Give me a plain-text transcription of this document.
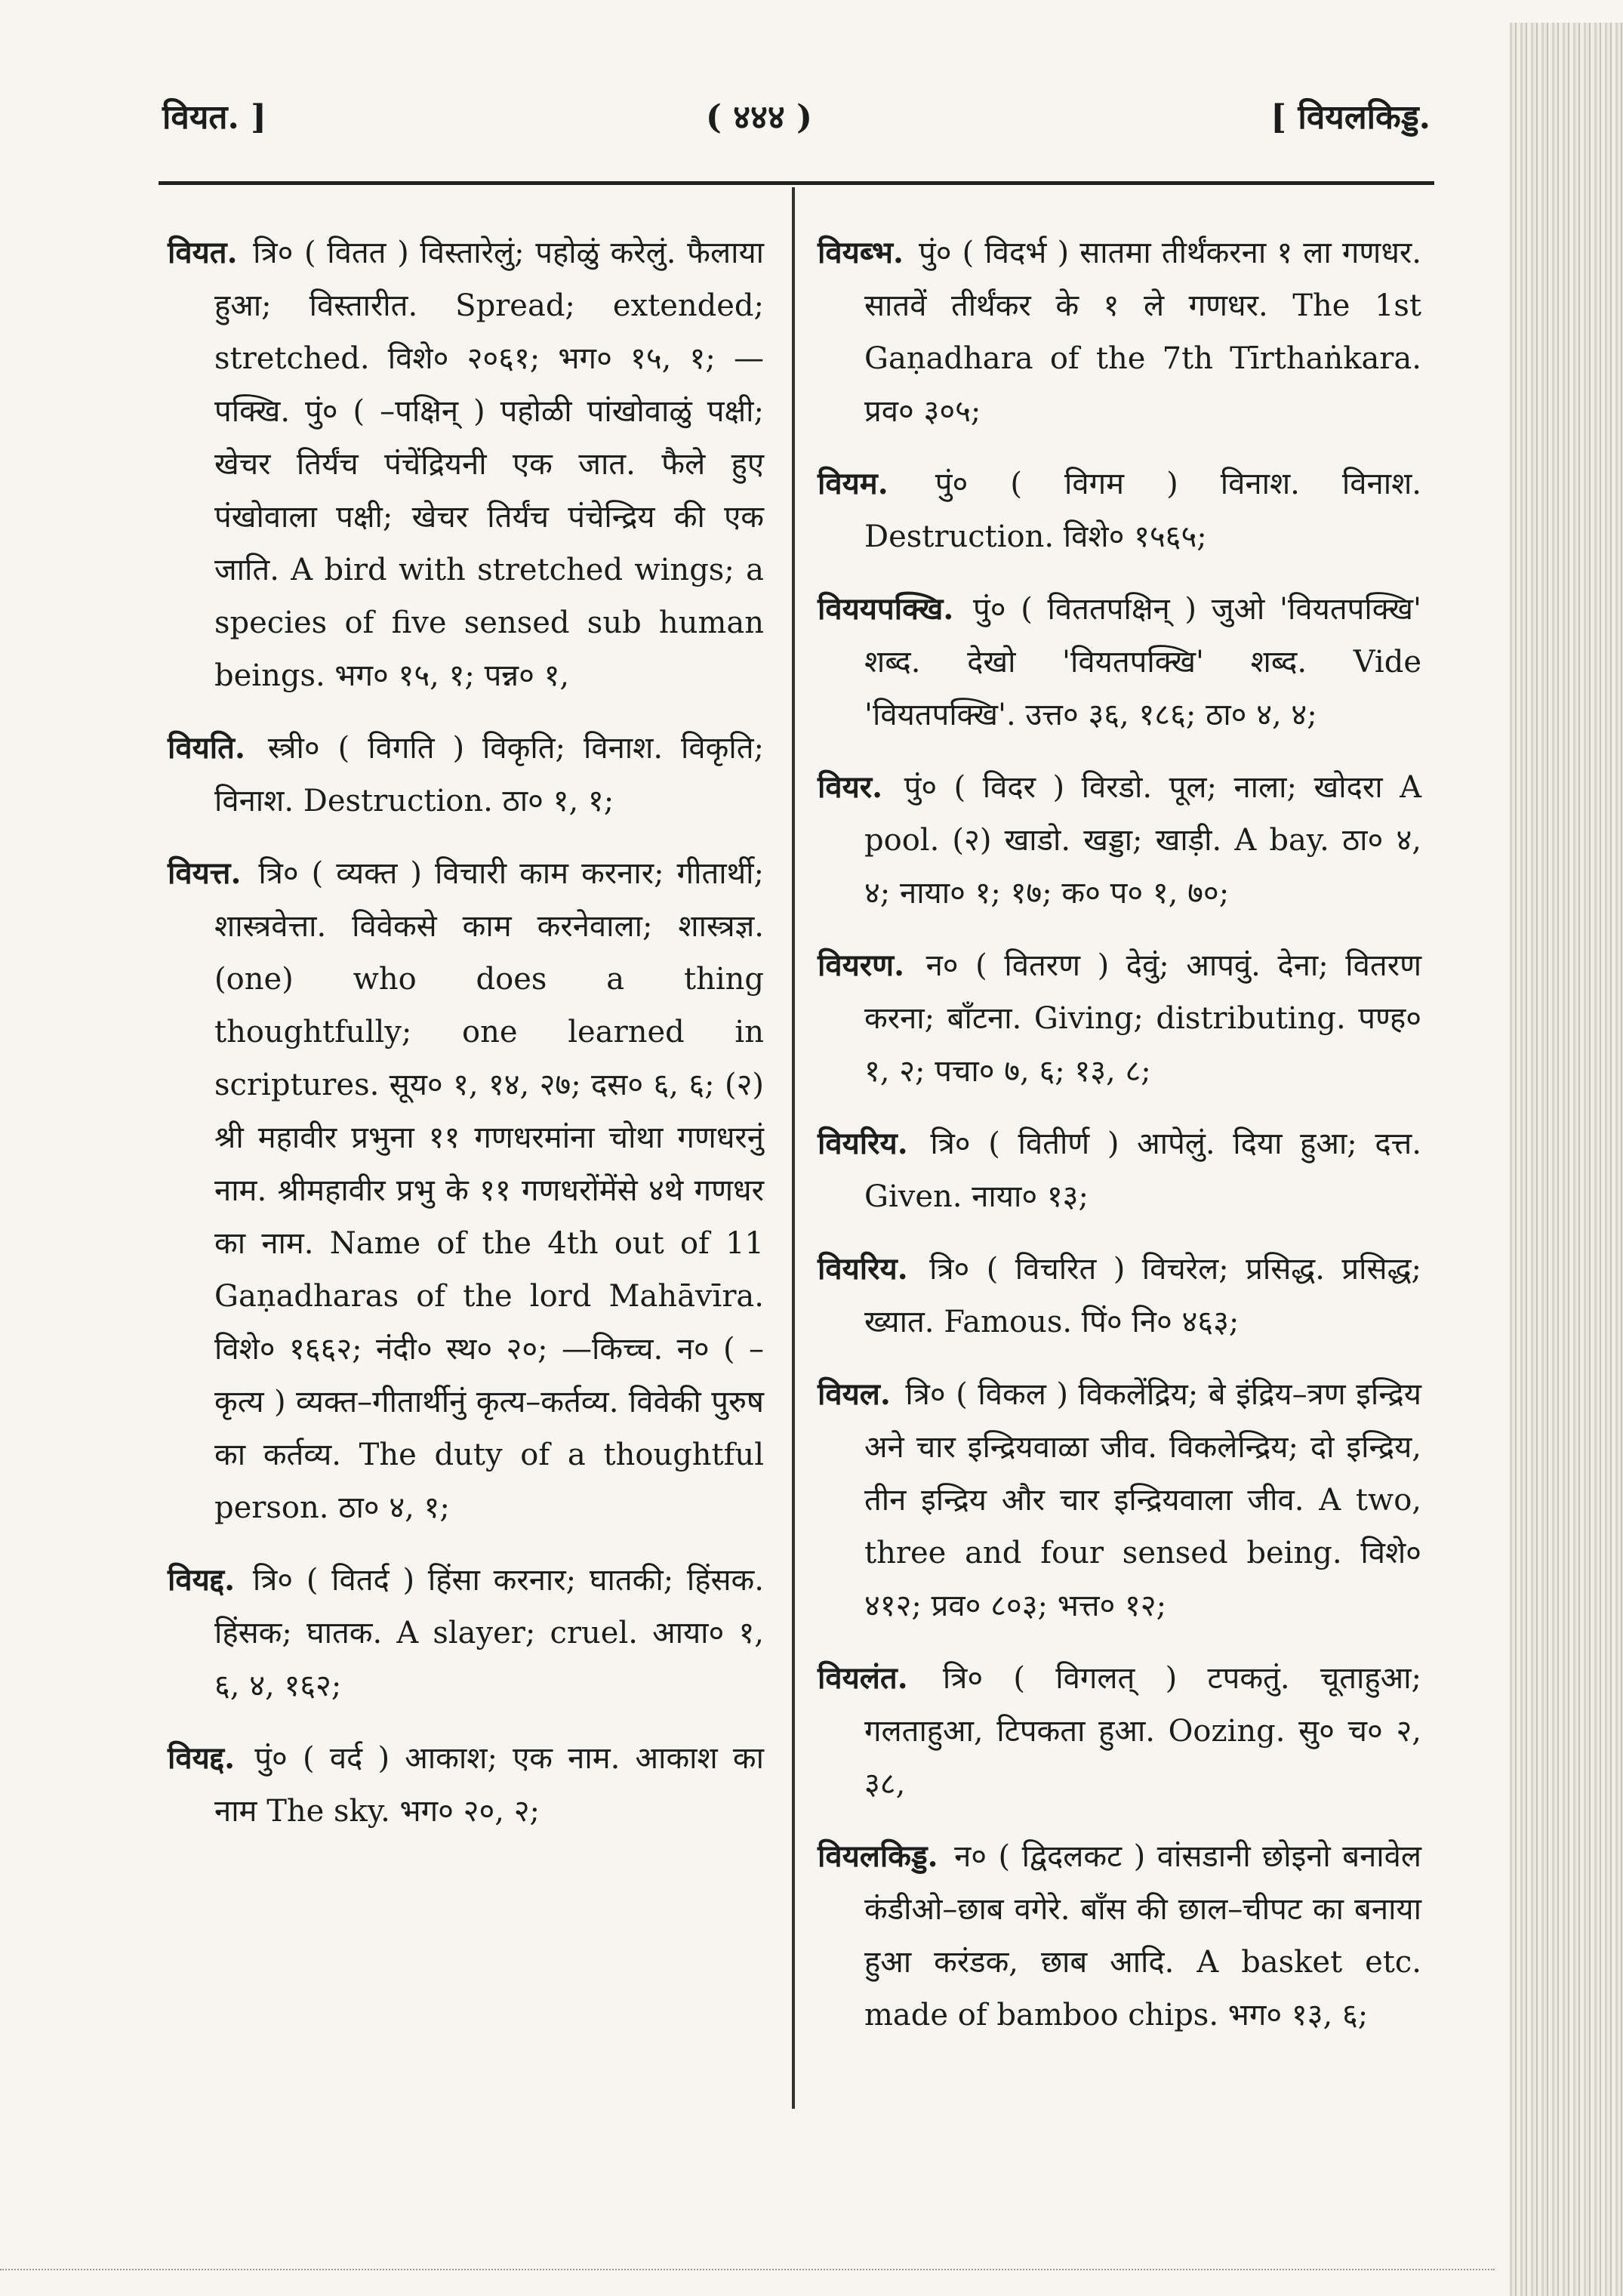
वियत. ]	( ४४४ )	[ वियलकिड्ड.

वियत. त्रि० ( वितत ) विस्तारेलुं; पहोळुं करेलुं. फैलाया हुआ; विस्तारीत. Spread; extended; stretched. विशे० २०६१; भग० १५, १; —पक्खि. पुं० ( –पक्षिन् ) पहोळी पांखोवाळुं पक्षी; खेचर तिर्यंच पंचेंद्रियनी एक जात. फैले हुए पंखोवाला पक्षी; खेचर तिर्यंच पंचेन्द्रिय की एक जाति. A bird with stretched wings; a species of five sensed sub human beings. भग० १५, १; पन्न० १,

वियति. स्त्री० ( विगति ) विकृति; विनाश. विकृति; विनाश. Destruction. ठा० १, १;

वियत्त. त्रि० ( व्यक्त ) विचारी काम करनार; गीतार्थी; शास्त्रवेत्ता. विवेकसे काम करनेवाला; शास्त्रज्ञ. (one) who does a thing thoughtfully; one learned in scriptures. सूय० १, १४, २७; दस० ६, ६; (२) श्री महावीर प्रभुना ११ गणधरमांना चोथा गणधरनुं नाम. श्रीमहावीर प्रभु के ११ गणधरोंमेंसे ४थे गणधर का नाम. Name of the 4th out of 11 Gaṇadharas of the lord Mahāvīra. विशे० १६६२; नंदी० स्थ० २०; —किच्च. न० ( –कृत्य ) व्यक्त–गीतार्थीनुं कृत्य–कर्तव्य. विवेकी पुरुष का कर्तव्य. The duty of a thoughtful person. ठा० ४, १;

वियद्द. त्रि० ( वितर्द ) हिंसा करनार; घातकी; हिंसक. हिंसक; घातक. A slayer; cruel. आया० १, ६, ४, १६२;

वियद्द. पुं० ( वर्द ) आकाश; एक नाम. आकाश का नाम The sky. भग० २०, २;

वियब्भ. पुं० ( विदर्भ ) सातमा तीर्थंकरना १ ला गणधर. सातवें तीर्थंकर के १ ले गणधर. The 1st Gaṇadhara of the 7th Tīrthaṅkara. प्रव० ३०५;

वियम. पुं० ( विगम ) विनाश. विनाश. Destruction. विशे० १५६५;

विययपक्खि. पुं० ( विततपक्षिन् ) जुओ 'वियतपक्खि' शब्द. देखो 'वियतपक्खि' शब्द. Vide 'वियतपक्खि'. उत्त० ३६, १८६; ठा० ४, ४;

वियर. पुं० ( विदर ) विरडो. पूल; नाला; खोदरा A pool. (२) खाडो. खड्डा; खाड़ी. A bay. ठा० ४, ४; नाया० १; १७; क० प० १, ७०;

वियरण. न० ( वितरण ) देवुं; आपवुं. देना; वितरण करना; बाँटना. Giving; distributing. पण्ह० १, २; पचा० ७, ६; १३, ८;

वियरिय. त्रि० ( वितीर्ण ) आपेलुं. दिया हुआ; दत्त. Given. नाया० १३;

वियरिय. त्रि० ( विचरित ) विचरेल; प्रसिद्ध. प्रसिद्ध; ख्यात. Famous. पिं० नि० ४६३;

वियल. त्रि० ( विकल ) विकलेंद्रिय; बे इंद्रिय–त्रण इन्द्रिय अने चार इन्द्रियवाळा जीव. विकलेन्द्रिय; दो इन्द्रिय, तीन इन्द्रिय और चार इन्द्रियवाला जीव. A two, three and four sensed being. विशे० ४१२; प्रव० ८०३; भत्त० १२;

वियलंत. त्रि० ( विगलत् ) टपकतुं. चूताहुआ; गलताहुआ, टिपकता हुआ. Oozing. सु० च० २, ३८,

वियलकिड्ड. न० ( द्विदलकट ) वांसडानी छोइनो बनावेल कंडीओ–छाब वगेरे. बाँस की छाल–चीपट का बनाया हुआ करंडक, छाब आदि. A basket etc. made of bamboo chips. भग० १३, ६;
